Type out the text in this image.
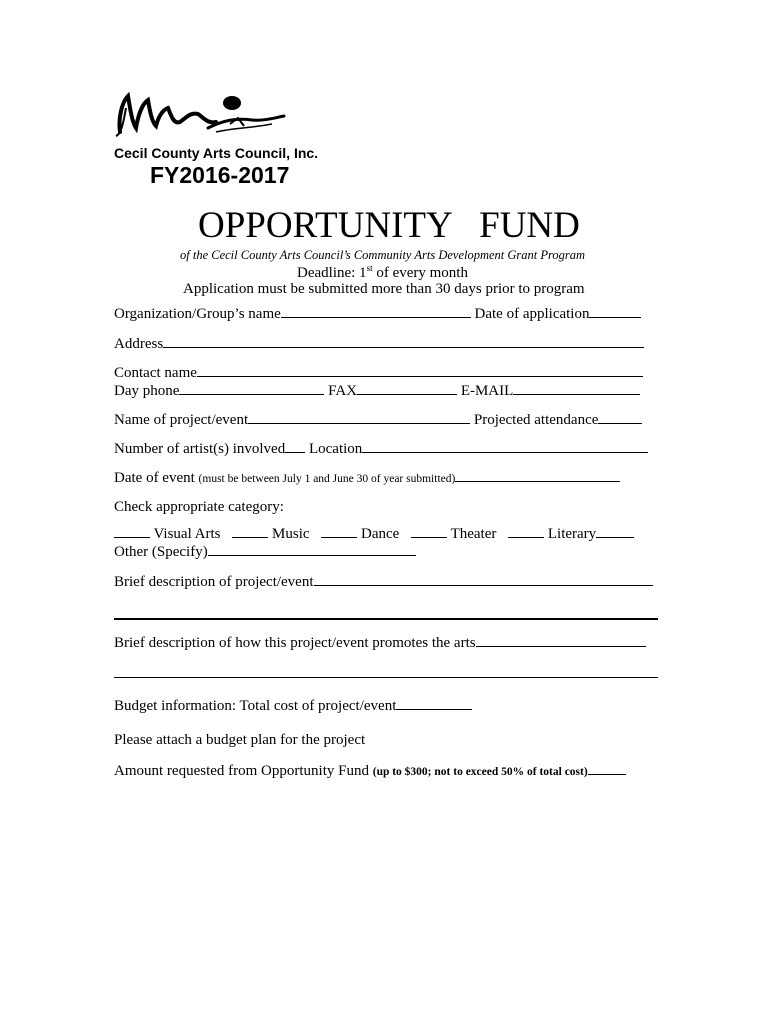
Cecil County Arts Council, Inc.
FY2016-2017
OPPORTUNITY   FUND
of the Cecil County Arts Council’s Community Arts Development Grant Program
Deadline: 1st of every month
Application must be submitted more than 30 days prior to program
Organization/Group’s name	Date of application
Address
Contact name
Day phone	FAX	E-MAIL
Name of project/event	Projected attendance
Number of artist(s) involved Location
Date of event (must be between July 1 and June 30 of year submitted)
Check appropriate category:
Visual Arts	Music	Dance	Theater	Literary
Other (Specify)
Brief description of project/event
Brief description of how this project/event promotes the arts
Budget information: Total cost of project/event
Please attach a budget plan for the project
Amount requested from Opportunity Fund (up to $300; not to exceed 50% of total cost)
